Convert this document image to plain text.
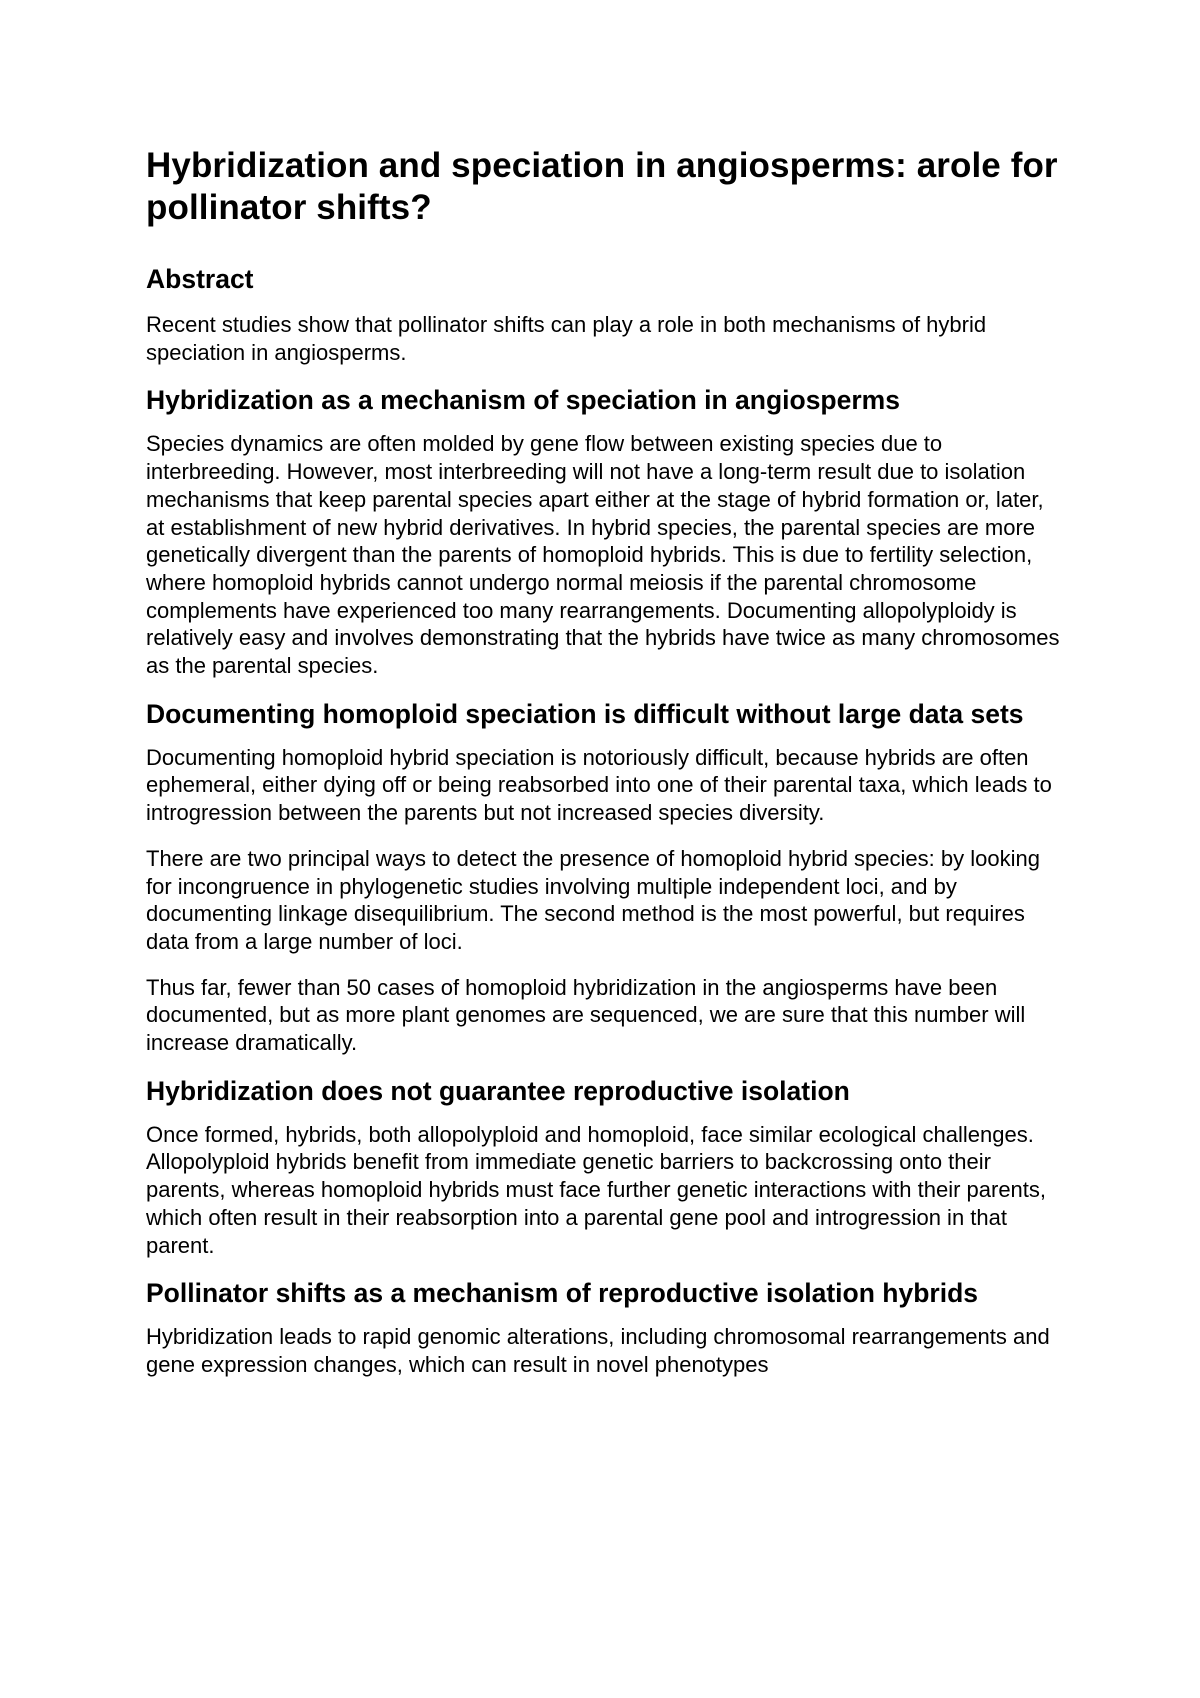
Hybridization and speciation in angiosperms: arole for pollinator shifts?
Abstract

Recent studies show that pollinator shifts can play a role in both mechanisms of hybrid speciation in angiosperms.

Hybridization as a mechanism of speciation in angiosperms

Species dynamics are often molded by gene flow between existing species due to interbreeding. However, most interbreeding will not have a long-term result due to isolation mechanisms that keep parental species apart either at the stage of hybrid formation or, later, at establishment of new hybrid derivatives. In hybrid species, the parental species are more genetically divergent than the parents of homoploid hybrids. This is due to fertility selection, where homoploid hybrids cannot undergo normal meiosis if the parental chromosome complements have experienced too many rearrangements. Documenting allopolyploidy is relatively easy and involves demonstrating that the hybrids have twice as many chromosomes as the parental species.

Documenting homoploid speciation is difficult without large data sets

Documenting homoploid hybrid speciation is notoriously difficult, because hybrids are often ephemeral, either dying off or being reabsorbed into one of their parental taxa, which leads to introgression between the parents but not increased species diversity.

There are two principal ways to detect the presence of homoploid hybrid species: by looking for incongruence in phylogenetic studies involving multiple independent loci, and by documenting linkage disequilibrium. The second method is the most powerful, but requires data from a large number of loci.

Thus far, fewer than 50 cases of homoploid hybridization in the angiosperms have been documented, but as more plant genomes are sequenced, we are sure that this number will increase dramatically.

Hybridization does not guarantee reproductive isolation

Once formed, hybrids, both allopolyploid and homoploid, face similar ecological challenges. Allopolyploid hybrids benefit from immediate genetic barriers to backcrossing onto their parents, whereas homoploid hybrids must face further genetic interactions with their parents, which often result in their reabsorption into a parental gene pool and introgression in that parent.

Pollinator shifts as a mechanism of reproductive isolation hybrids

Hybridization leads to rapid genomic alterations, including chromosomal rearrangements and gene expression changes, which can result in novel phenotypes
